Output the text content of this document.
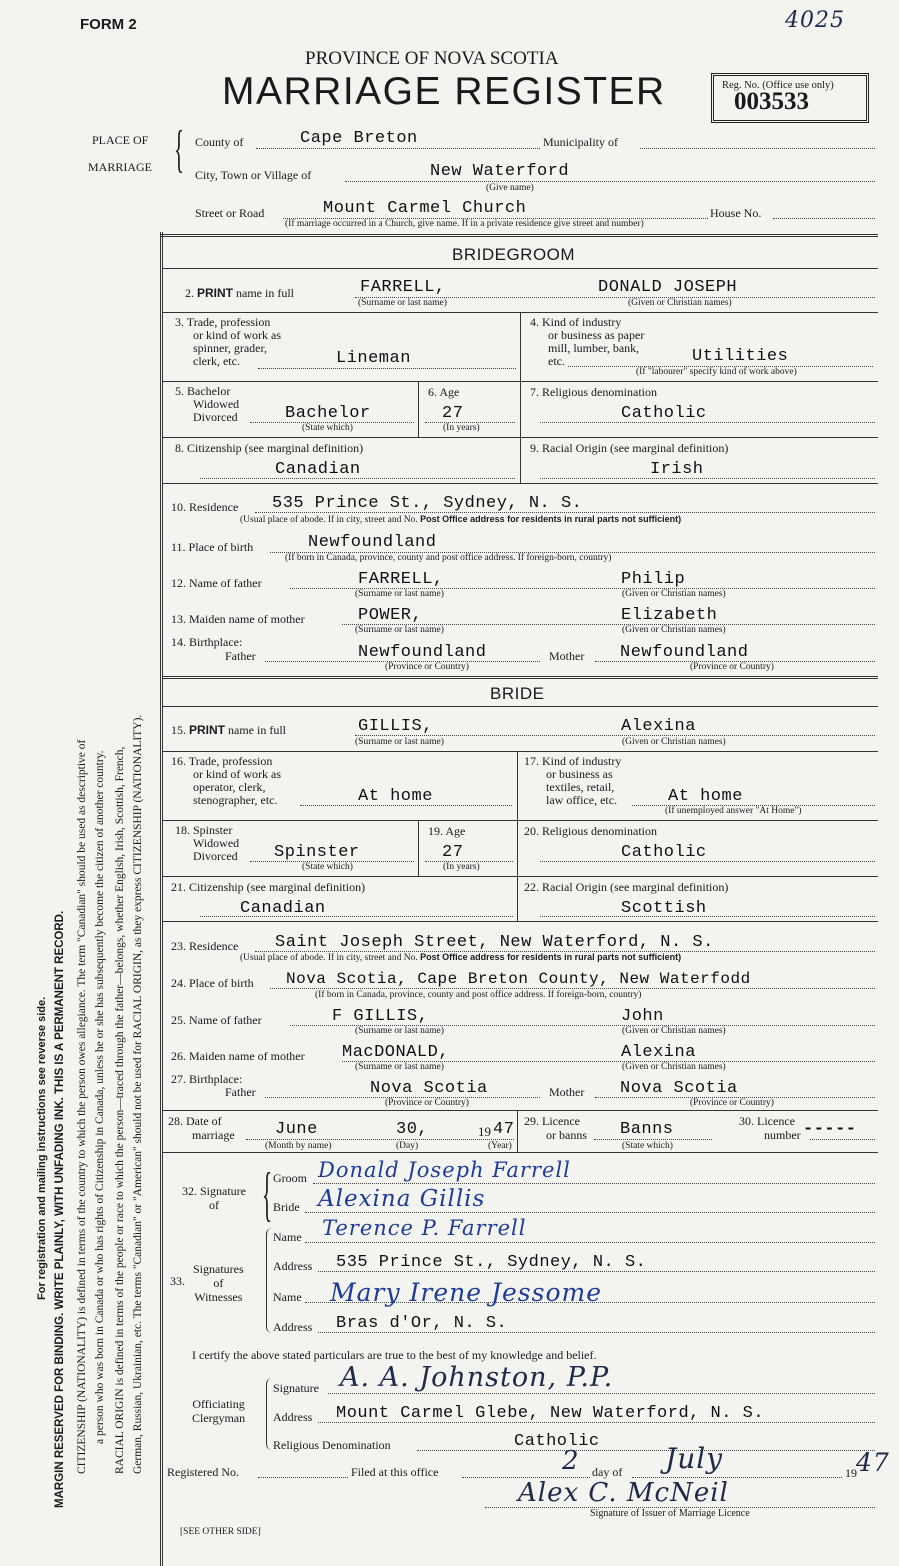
FORM 2	4025
PROVINCE OF NOVA SCOTIA
MARRIAGE REGISTER	Reg. No. (Office use only)
003533
PLACE OF
MARRIAGE { County of	Cape Breton	Municipality of
City, Town or Village of	New Waterford
(Give name)
Street or Road	Mount Carmel Church	House No.
(If marriage occurred in a Church, give name. If in a private residence give street and number)
For registration and mailing instructions see reverse side. MARGIN RESERVED FOR BINDING. WRITE PLAINLY, WITH UNFADING INK. THIS IS A PERMANENT RECORD. CITIZENSHIP (NATIONALITY) is defined in terms of the country to which the person owes allegiance. The term "Canadian" should be used as descriptive of a person who was born in Canada or who has rights of Citizenship in Canada, unless he or she has subsequently become the citizen of another country. RACIAL ORIGIN is defined in terms of the people or race to which the person—traced through the father—belongs, whether English, Irish, Scottish, French, German, Russian, Ukrainian, etc. The terms "Canadian" or "American" should not be used for RACIAL ORIGIN, as they express CITIZENSHIP (NATIONALITY).
BRIDEGROOM
2. PRINT name in full	FARRELL,	DONALD JOSEPH
(Surname or last name)	(Given or Christian names)
3. Trade, profession
or kind of work as
spinner, grader,
clerk, etc.	Lineman
4. Kind of industry
or business as paper
mill, lumber, bank,
etc.	Utilities
(If "labourer" specify kind of work above)
5. Bachelor
Widowed
Divorced	Bachelor
(State which)
6. Age
27
(In years)
7. Religious denomination
Catholic
8. Citizenship (see marginal definition)
Canadian
9. Racial Origin (see marginal definition)
Irish
10. Residence 535 Prince St., Sydney, N. S.
(Usual place of abode. If in city, street and No. Post Office address for residents in rural parts not sufficient)
11. Place of birth	Newfoundland
(If born in Canada, province, county and post office address. If foreign-born, country)
12. Name of father	FARRELL,	Philip
(Surname or last name)	(Given or Christian names)
13. Maiden name of mother	POWER,	Elizabeth
(Surname or last name)	(Given or Christian names)
14. Birthplace:
Father	Newfoundland
(Province or Country)
Mother Newfoundland
(Province or Country)
BRIDE
15. PRINT name in full	GILLIS,	Alexina
(Surname or last name)	(Given or Christian names)
16. Trade, profession
or kind of work as
operator, clerk,
stenographer, etc.	At home
17. Kind of industry
or business as
textiles, retail,
law office, etc.	At home
(If unemployed answer "At Home")
18. Spinster
Widowed
Divorced Spinster
(State which)
19. Age
27
(In years)
20. Religious denomination
Catholic
21. Citizenship (see marginal definition)
Canadian
22. Racial Origin (see marginal definition)
Scottish
23. Residence Saint Joseph Street, New Waterford, N. S.
(Usual place of abode. If in city, street and No. Post Office address for residents in rural parts not sufficient)
24. Place of birth Nova Scotia, Cape Breton County, New Waterfodd
(If born in Canada, province, county and post office address. If foreign-born, country)
25. Name of father	F GILLIS,	John
(Surname or last name)	(Given or Christian names)
26. Maiden name of mother MacDONALD,	Alexina
(Surname or last name)	(Given or Christian names)
27. Birthplace:
Father	Nova Scotia
(Province or Country)
Mother Nova Scotia
(Province or Country)
28. Date of
marriage June	30,	19 47
(Month by name)	(Day)	(Year)
29. Licence
or banns Banns
(State which)
30. Licence
number -----
32. Signature
of { Groom Donald Joseph Farrell
Bride Alexina Gillis
33.
Signatures
of
Witnesses
Name Terence P. Farrell
Address 535 Prince St., Sydney, N. S.
Name Mary Irene Jessome
Address Bras d'Or, N. S.
I certify the above stated particulars are true to the best of my knowledge and belief.
Officiating
Clergyman
Signature A. A. Johnston, P.P.
Address Mount Carmel Glebe, New Waterford, N. S.
Religious Denomination	Catholic
Registered No.	Filed at this office	2 day of July	19 47
Alex C. McNeil
Signature of Issuer of Marriage Licence
[SEE OTHER SIDE]
